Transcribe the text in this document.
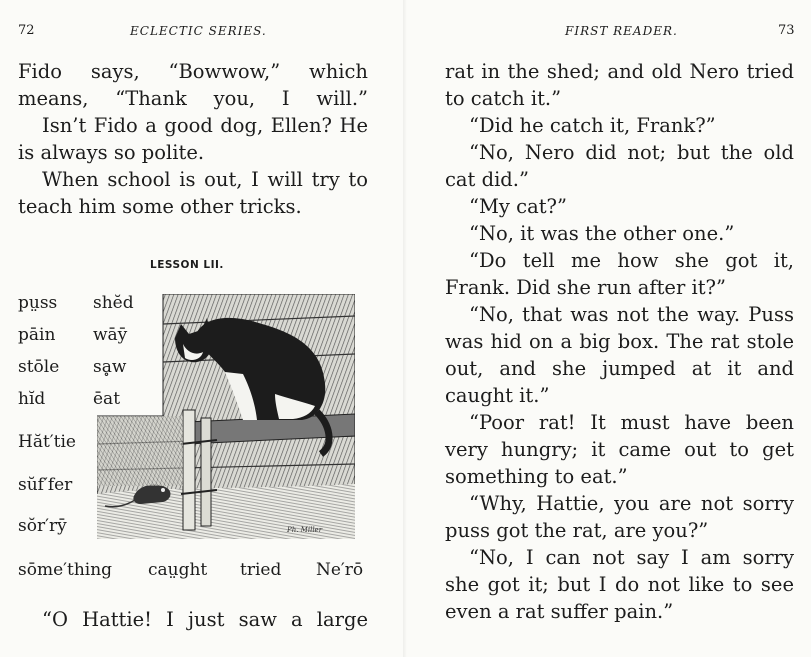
72	ECLECTIC SERIES.

Fido says, “Bowwow,” which means, “Thank you, I will.”

Isn’t Fido a good dog, Ellen? He is always so polite.

When school is out, I will try to teach him some other tricks.

LESSON LII.
pṳss
pāin
stōle
hĭd
Hăt′tie
sŭf′fer
sŏr′rȳ
shĕd
wāȳ
sḁw
ēat
sōme′thing caṳght tried Ne′rō
Ph. Miller

“O Hattie! I just saw a large

FIRST READER.	73

rat in the shed; and old Nero tried to catch it.”

“Did he catch it, Frank?”

“No, Nero did not; but the old cat did.”

“My cat?”

“No, it was the other one.”

“Do tell me how she got it, Frank. Did she run after it?”

“No, that was not the way. Puss was hid on a big box. The rat stole out, and she jumped at it and caught it.”

“Poor rat! It must have been very hungry; it came out to get something to eat.”

“Why, Hattie, you are not sorry puss got the rat, are you?”

“No, I can not say I am sorry she got it; but I do not like to see even a rat suffer pain.”
